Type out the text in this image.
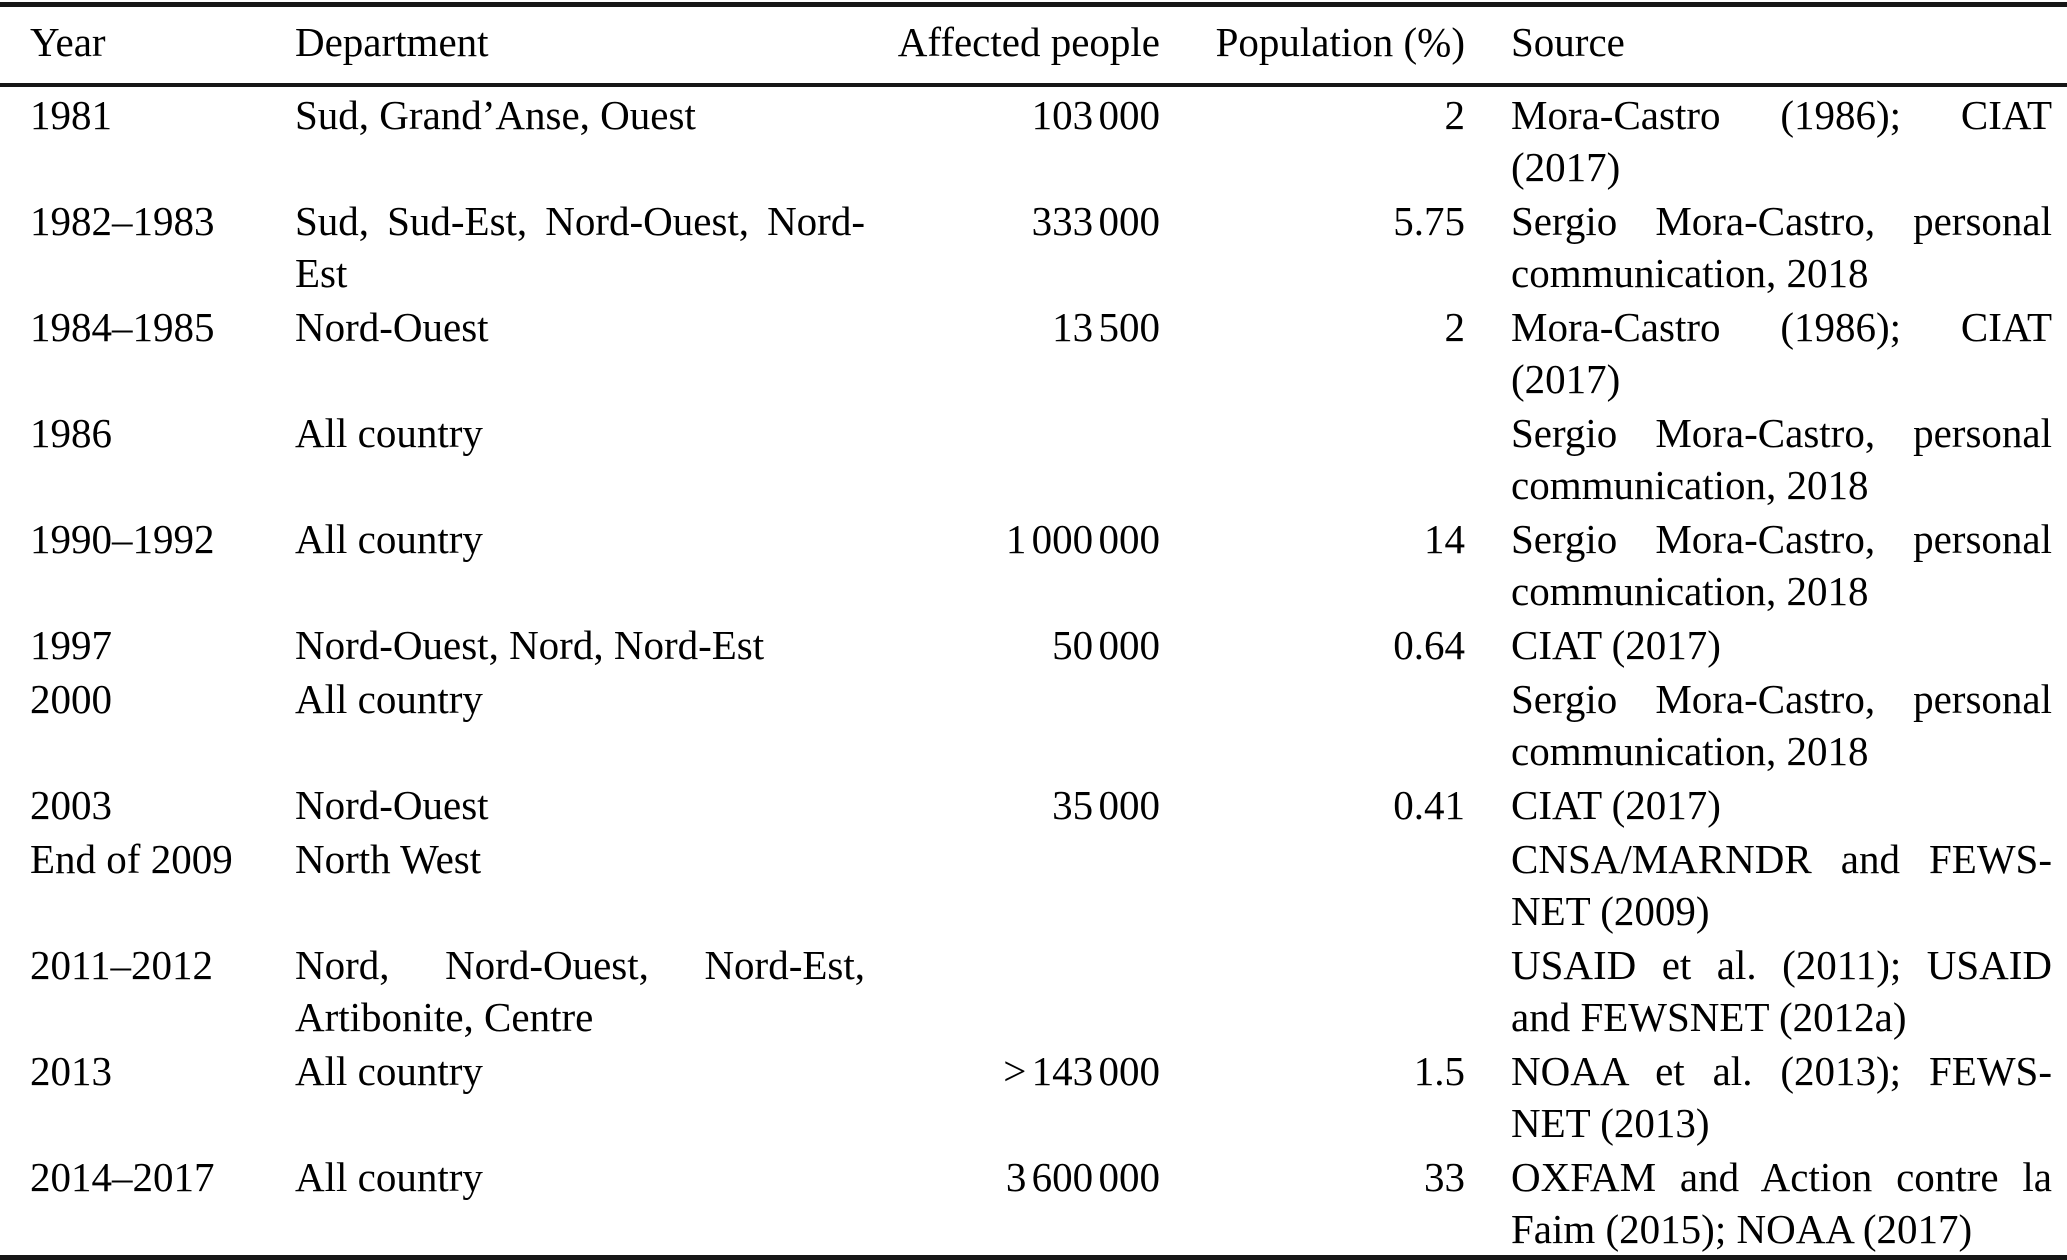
Year	Department	Affected people	Population (%)	Source
1981	Sud, Grand’Anse, Ouest	103 000	2	Mora-Castro (1986); CIAT (2017)
1982–1983	Sud, Sud-Est, Nord-Ouest, Nord-Est	333 000	5.75	Sergio Mora-Castro, personal communication, 2018
1984–1985	Nord-Ouest	13 500	2	Mora-Castro (1986); CIAT (2017)
1986	All country			Sergio Mora-Castro, personal communication, 2018
1990–1992	All country	1 000 000	14	Sergio Mora-Castro, personal communication, 2018
1997	Nord-Ouest, Nord, Nord-Est	50 000	0.64	CIAT (2017)
2000	All country			Sergio Mora-Castro, personal communication, 2018
2003	Nord-Ouest	35 000	0.41	CIAT (2017)
End of 2009	North West			CNSA/MARNDR and FEWS-NET (2009)
2011–2012	Nord, Nord-Ouest, Nord-Est, Artibonite, Centre			USAID et al. (2011); USAID and FEWSNET (2012a)
2013	All country	> 143 000	1.5	NOAA et al. (2013); FEWS-NET (2013)
2014–2017	All country	3 600 000	33	OXFAM and Action contre la Faim (2015); NOAA (2017)
